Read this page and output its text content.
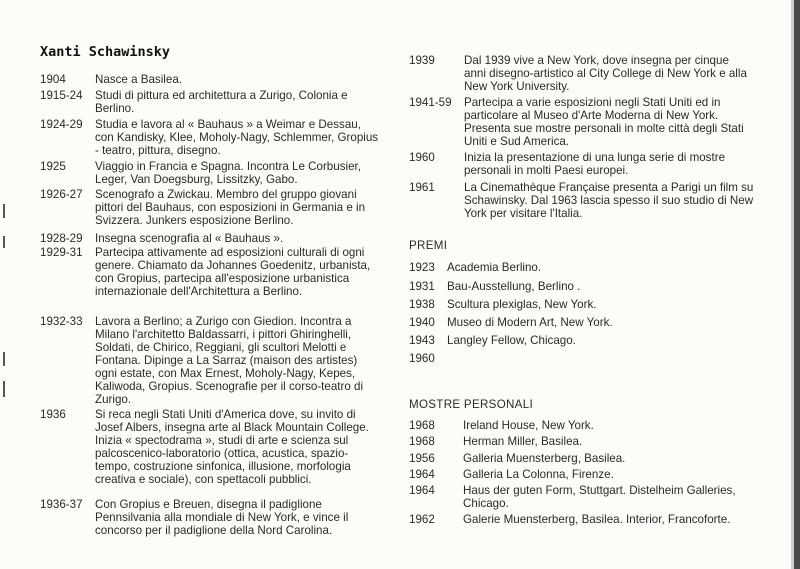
Xanti Schawinsky
1904	Nasce a Basilea.
1915-24 Studi di pittura ed architettura a Zurigo, Colonia e Berlino.
1924-29 Studia e lavora al « Bauhaus » a Weimar e Dessau, con Kandisky, Klee, Moholy-Nagy, Schlemmer, Gropius - teatro, pittura, disegno.
1925	Viaggio in Francia e Spagna. Incontra Le Corbusier, Leger, Van Doegsburg, Lissitzky, Gabo.
1926-27 Scenografo a Zwickau. Membro del gruppo giovani pittori del Bauhaus, con esposizioni in Germania e in Svizzera. Junkers esposizione Berlino.
1928-29 Insegna scenografia al « Bauhaus ».
1929-31 Partecipa attivamente ad esposizioni culturali di ogni genere. Chiamato da Johannes Goedenitz, urbanista, con Gropius, partecipa all'esposizione urbanistica internazionale dell'Architettura a Berlino.
1932-33 Lavora a Berlino; a Zurigo con Giedion. Incontra a Milano l'architetto Baldassarri, i pittori Ghiringhelli, Soldati, de Chirico, Reggiani, gli scultori Melotti e Fontana. Dipinge a La Sarraz (maison des artistes) ogni estate, con Max Ernest, Moholy-Nagy, Kepes, Kaliwoda, Gropius. Scenografie per il corso-teatro di Zurigo.
1936	Si reca negli Stati Uniti d'America dove, su invito di Josef Albers, insegna arte al Black Mountain College. Inizia « spectodrama », studi di arte e scienza sul palcoscenico-laboratorio (ottica, acustica, spazio-tempo, costruzione sinfonica, illusione, morfologia creativa e sociale), con spettacoli pubblici.
1936-37 Con Gropius e Breuen, disegna il padiglione Pennsilvania alla mondiale di New York, e vince il concorso per il padiglione della Nord Carolina.
1939	Dal 1939 vive a New York, dove insegna per cinque anni disegno-artistico al City College di New York e alla New York University.
1941-59 Partecipa a varie esposizioni negli Stati Uniti ed in particolare al Museo d'Arte Moderna di New York. Presenta sue mostre personali in molte città degli Stati Uniti e Sud America.
1960	Inizia la presentazione di una lunga serie di mostre personali in molti Paesi europei.
1961	La Cinemathèque Française presenta a Parigi un film su Schawinsky. Dal 1963 lascia spesso il suo studio di New York per visitare l'Italia.
PREMI
1923 Academia Berlino.
1931 Bau-Ausstellung, Berlino .
1938 Scultura plexiglas, New York.
1940 Museo di Modern Art, New York.
1943 Langley Fellow, Chicago.
1960
MOSTRE PERSONALI
1968 Ireland House, New York.
1968 Herman Miller, Basilea.
1956 Galleria Muensterberg, Basilea.
1964 Galleria La Colonna, Firenze.
1964 Haus der guten Form, Stuttgart. Distelheim Galleries, Chicago.
1962 Galerie Muensterberg, Basilea. Interior, Francoforte.
